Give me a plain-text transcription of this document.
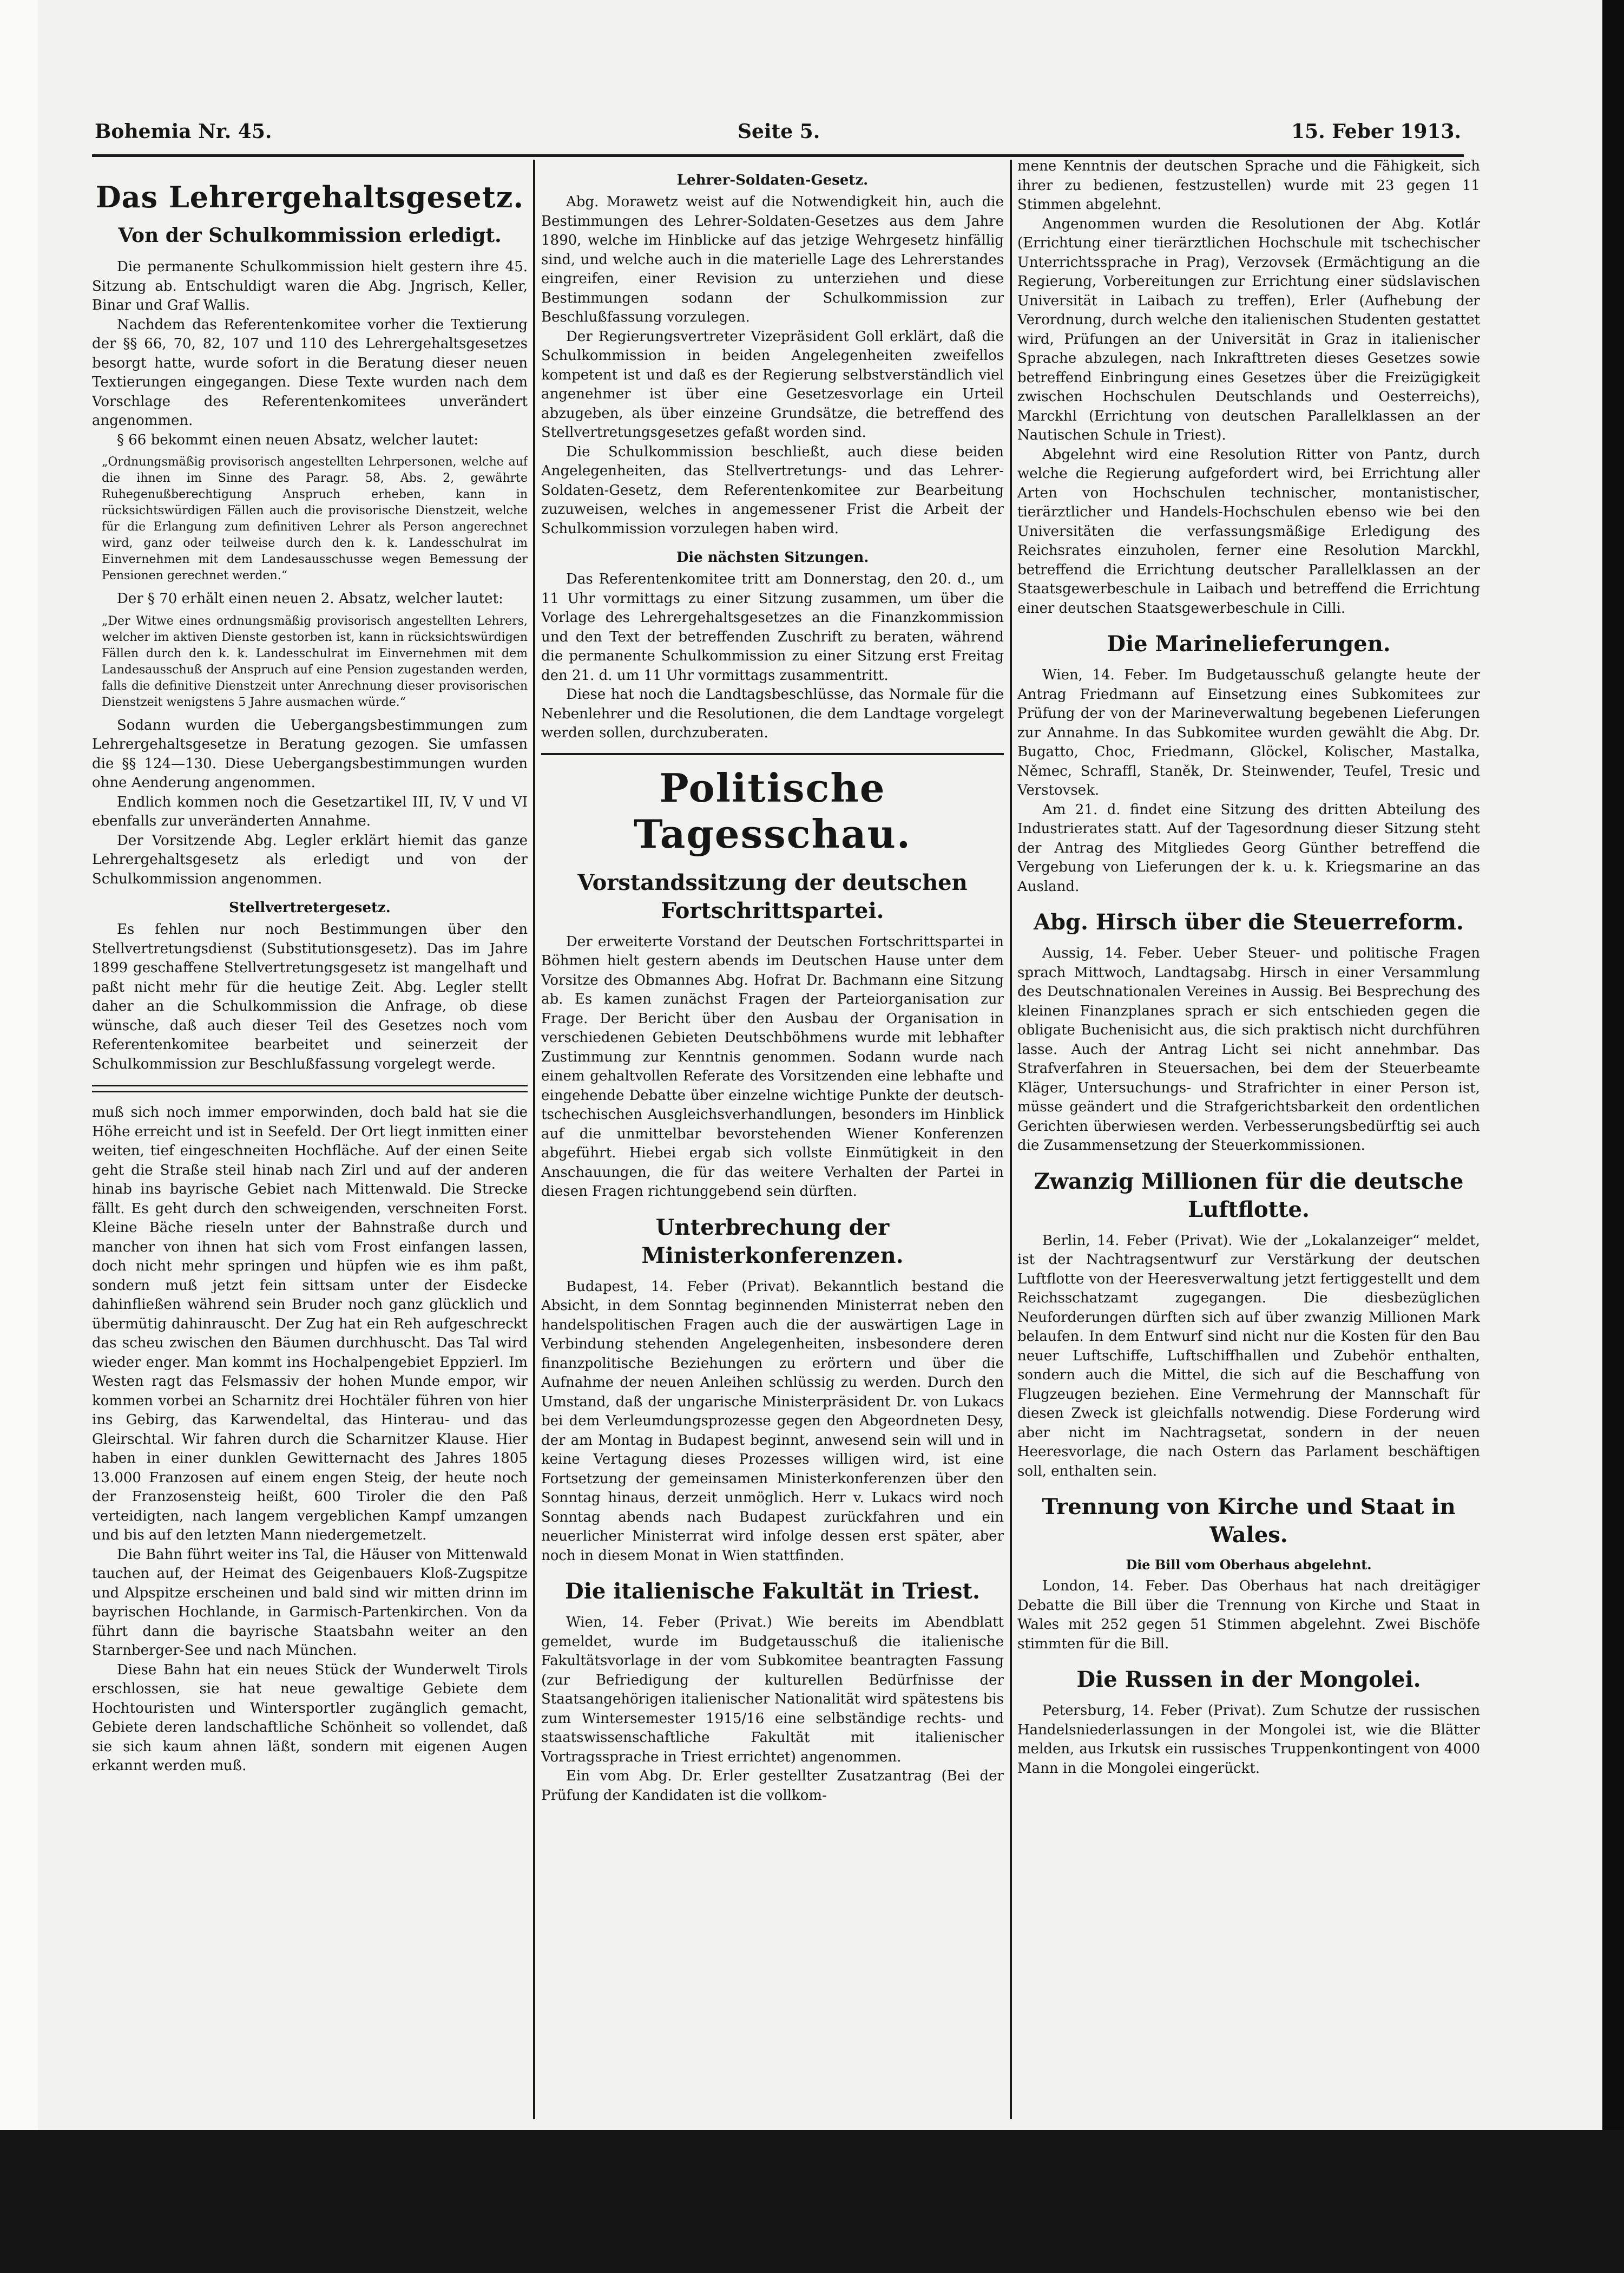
Bohemia Nr. 45.	Seite 5.	15. Feber 1913.
Das Lehrergehaltsgesetz.
Von der Schulkommission erledigt.

Die permanente Schulkommission hielt gestern ihre 45. Sitzung ab. Entschuldigt waren die Abg. Jngrisch, Keller, Binar und Graf Wallis.

Nachdem das Referentenkomitee vorher die Textierung der §§ 66, 70, 82, 107 und 110 des Lehrergehaltsgesetzes besorgt hatte, wurde sofort in die Beratung dieser neuen Textierungen eingegangen. Diese Texte wurden nach dem Vorschlage des Referentenkomitees unverändert angenommen.

§ 66 bekommt einen neuen Absatz, welcher lautet:

„Ordnungsmäßig provisorisch angestellten Lehrpersonen, welche auf die ihnen im Sinne des Paragr. 58, Abs. 2, gewährte Ruhegenußberechtigung Anspruch erheben, kann in rücksichtswürdigen Fällen auch die provisorische Dienstzeit, welche für die Erlangung zum definitiven Lehrer als Person angerechnet wird, ganz oder teilweise durch den k. k. Landesschulrat im Einvernehmen mit dem Landesausschusse wegen Bemessung der Pensionen gerechnet werden.“

Der § 70 erhält einen neuen 2. Absatz, welcher lautet:

„Der Witwe eines ordnungsmäßig provisorisch angestellten Lehrers, welcher im aktiven Dienste gestorben ist, kann in rücksichtswürdigen Fällen durch den k. k. Landesschulrat im Einvernehmen mit dem Landesausschuß der Anspruch auf eine Pension zugestanden werden, falls die definitive Dienstzeit unter Anrechnung dieser provisorischen Dienstzeit wenigstens 5 Jahre ausmachen würde.“

Sodann wurden die Uebergangsbestimmungen zum Lehrergehaltsgesetze in Beratung gezogen. Sie umfassen die §§ 124—130. Diese Uebergangsbestimmungen wurden ohne Aenderung angenommen.

Endlich kommen noch die Gesetzartikel III, IV, V und VI ebenfalls zur unveränderten Annahme.

Der Vorsitzende Abg. Legler erklärt hiemit das ganze Lehrergehaltsgesetz als erledigt und von der Schulkommission angenommen.

Stellvertretergesetz.

Es fehlen nur noch Bestimmungen über den Stellvertretungsdienst (Substitutionsgesetz). Das im Jahre 1899 geschaffene Stellvertretungsgesetz ist mangelhaft und paßt nicht mehr für die heutige Zeit. Abg. Legler stellt daher an die Schulkommission die Anfrage, ob diese wünsche, daß auch dieser Teil des Gesetzes noch vom Referentenkomitee bearbeitet und seinerzeit der Schulkommission zur Beschlußfassung vorgelegt werde.

muß sich noch immer emporwinden, doch bald hat sie die Höhe erreicht und ist in Seefeld. Der Ort liegt inmitten einer weiten, tief eingeschneiten Hochfläche. Auf der einen Seite geht die Straße steil hinab nach Zirl und auf der anderen hinab ins bayrische Gebiet nach Mittenwald. Die Strecke fällt. Es geht durch den schweigenden, verschneiten Forst. Kleine Bäche rieseln unter der Bahnstraße durch und mancher von ihnen hat sich vom Frost einfangen lassen, doch nicht mehr springen und hüpfen wie es ihm paßt, sondern muß jetzt fein sittsam unter der Eisdecke dahinfließen während sein Bruder noch ganz glücklich und übermütig dahinrauscht. Der Zug hat ein Reh aufgeschreckt das scheu zwischen den Bäumen durchhuscht. Das Tal wird wieder enger. Man kommt ins Hochalpengebiet Eppzierl. Im Westen ragt das Felsmassiv der hohen Munde empor, wir kommen vorbei an Scharnitz drei Hochtäler führen von hier ins Gebirg, das Karwendeltal, das Hinterau- und das Gleirschtal. Wir fahren durch die Scharnitzer Klause. Hier haben in einer dunklen Gewitternacht des Jahres 1805 13.000 Franzosen auf einem engen Steig, der heute noch der Franzosensteig heißt, 600 Tiroler die den Paß verteidigten, nach langem vergeblichen Kampf umzangen und bis auf den letzten Mann niedergemetzelt.

Die Bahn führt weiter ins Tal, die Häuser von Mittenwald tauchen auf, der Heimat des Geigenbauers Kloß-Zugspitze und Alpspitze erscheinen und bald sind wir mitten drinn im bayrischen Hochlande, in Garmisch-Partenkirchen. Von da führt dann die bayrische Staatsbahn weiter an den Starnberger-See und nach München.

Diese Bahn hat ein neues Stück der Wunderwelt Tirols erschlossen, sie hat neue gewaltige Gebiete dem Hochtouristen und Wintersportler zugänglich gemacht, Gebiete deren landschaftliche Schönheit so vollendet, daß sie sich kaum ahnen läßt, sondern mit eigenen Augen erkannt werden muß.

Lehrer-Soldaten-Gesetz.

Abg. Morawetz weist auf die Notwendigkeit hin, auch die Bestimmungen des Lehrer-Soldaten-Gesetzes aus dem Jahre 1890, welche im Hinblicke auf das jetzige Wehrgesetz hinfällig sind, und welche auch in die materielle Lage des Lehrerstandes eingreifen, einer Revision zu unterziehen und diese Bestimmungen sodann der Schulkommission zur Beschlußfassung vorzulegen.

Der Regierungsvertreter Vizepräsident Goll erklärt, daß die Schulkommission in beiden Angelegenheiten zweifellos kompetent ist und daß es der Regierung selbstverständlich viel angenehmer ist über eine Gesetzesvorlage ein Urteil abzugeben, als über einzeine Grundsätze, die betreffend des Stellvertretungsgesetzes gefaßt worden sind.

Die Schulkommission beschließt, auch diese beiden Angelegenheiten, das Stellvertretungs- und das Lehrer-Soldaten-Gesetz, dem Referentenkomitee zur Bearbeitung zuzuweisen, welches in angemessener Frist die Arbeit der Schulkommission vorzulegen haben wird.

Die nächsten Sitzungen.

Das Referentenkomitee tritt am Donnerstag, den 20. d., um 11 Uhr vormittags zu einer Sitzung zusammen, um über die Vorlage des Lehrergehaltsgesetzes an die Finanzkommission und den Text der betreffenden Zuschrift zu beraten, während die permanente Schulkommission zu einer Sitzung erst Freitag den 21. d. um 11 Uhr vormittags zusammentritt.

Diese hat noch die Landtagsbeschlüsse, das Normale für die Nebenlehrer und die Resolutionen, die dem Landtage vorgelegt werden sollen, durchzuberaten.

Politische Tagesschau.
Vorstandssitzung der deutschen Fortschrittspartei.

Der erweiterte Vorstand der Deutschen Fortschrittspartei in Böhmen hielt gestern abends im Deutschen Hause unter dem Vorsitze des Obmannes Abg. Hofrat Dr. Bachmann eine Sitzung ab. Es kamen zunächst Fragen der Parteiorganisation zur Frage. Der Bericht über den Ausbau der Organisation in verschiedenen Gebieten Deutschböhmens wurde mit lebhafter Zustimmung zur Kenntnis genommen. Sodann wurde nach einem gehaltvollen Referate des Vorsitzenden eine lebhafte und eingehende Debatte über einzelne wichtige Punkte der deutsch-tschechischen Ausgleichsverhandlungen, besonders im Hinblick auf die unmittelbar bevorstehenden Wiener Konferenzen abgeführt. Hiebei ergab sich vollste Einmütigkeit in den Anschauungen, die für das weitere Verhalten der Partei in diesen Fragen richtunggebend sein dürften.

Unterbrechung der Ministerkonferenzen.

Budapest, 14. Feber (Privat). Bekanntlich bestand die Absicht, in dem Sonntag beginnenden Ministerrat neben den handelspolitischen Fragen auch die der auswärtigen Lage in Verbindung stehenden Angelegenheiten, insbesondere deren finanzpolitische Beziehungen zu erörtern und über die Aufnahme der neuen Anleihen schlüssig zu werden. Durch den Umstand, daß der ungarische Ministerpräsident Dr. von Lukacs bei dem Verleumdungsprozesse gegen den Abgeordneten Desy, der am Montag in Budapest beginnt, anwesend sein will und in keine Vertagung dieses Prozesses willigen wird, ist eine Fortsetzung der gemeinsamen Ministerkonferenzen über den Sonntag hinaus, derzeit unmöglich. Herr v. Lukacs wird noch Sonntag abends nach Budapest zurückfahren und ein neuerlicher Ministerrat wird infolge dessen erst später, aber noch in diesem Monat in Wien stattfinden.

Die italienische Fakultät in Triest.

Wien, 14. Feber (Privat.) Wie bereits im Abendblatt gemeldet, wurde im Budgetausschuß die italienische Fakultätsvorlage in der vom Subkomitee beantragten Fassung (zur Befriedigung der kulturellen Bedürfnisse der Staatsangehörigen italienischer Nationalität wird spätestens bis zum Wintersemester 1915/16 eine selbständige rechts- und staatswissenschaftliche Fakultät mit italienischer Vortragssprache in Triest errichtet) angenommen.

Ein vom Abg. Dr. Erler gestellter Zusatzantrag (Bei der Prüfung der Kandidaten ist die vollkom-

mene Kenntnis der deutschen Sprache und die Fähigkeit, sich ihrer zu bedienen, festzustellen) wurde mit 23 gegen 11 Stimmen abgelehnt.

Angenommen wurden die Resolutionen der Abg. Kotlár (Errichtung einer tierärztlichen Hochschule mit tschechischer Unterrichtssprache in Prag), Verzovsek (Ermächtigung an die Regierung, Vorbereitungen zur Errichtung einer südslavischen Universität in Laibach zu treffen), Erler (Aufhebung der Verordnung, durch welche den italienischen Studenten gestattet wird, Prüfungen an der Universität in Graz in italienischer Sprache abzulegen, nach Inkrafttreten dieses Gesetzes sowie betreffend Einbringung eines Gesetzes über die Freizügigkeit zwischen Hochschulen Deutschlands und Oesterreichs), Marckhl (Errichtung von deutschen Parallelklassen an der Nautischen Schule in Triest).

Abgelehnt wird eine Resolution Ritter von Pantz, durch welche die Regierung aufgefordert wird, bei Errichtung aller Arten von Hochschulen technischer, montanistischer, tierärztlicher und Handels-Hochschulen ebenso wie bei den Universitäten die verfassungsmäßige Erledigung des Reichsrates einzuholen, ferner eine Resolution Marckhl, betreffend die Errichtung deutscher Parallelklassen an der Staatsgewerbeschule in Laibach und betreffend die Errichtung einer deutschen Staatsgewerbeschule in Cilli.

Die Marinelieferungen.

Wien, 14. Feber. Im Budgetausschuß gelangte heute der Antrag Friedmann auf Einsetzung eines Subkomitees zur Prüfung der von der Marineverwaltung begebenen Lieferungen zur Annahme. In das Subkomitee wurden gewählt die Abg. Dr. Bugatto, Choc, Friedmann, Glöckel, Kolischer, Mastalka, Němec, Schraffl, Staněk, Dr. Steinwender, Teufel, Tresic und Verstovsek.

Am 21. d. findet eine Sitzung des dritten Abteilung des Industrierates statt. Auf der Tagesordnung dieser Sitzung steht der Antrag des Mitgliedes Georg Günther betreffend die Vergebung von Lieferungen der k. u. k. Kriegsmarine an das Ausland.

Abg. Hirsch über die Steuerreform.

Aussig, 14. Feber. Ueber Steuer- und politische Fragen sprach Mittwoch, Landtagsabg. Hirsch in einer Versammlung des Deutschnationalen Vereines in Aussig. Bei Besprechung des kleinen Finanzplanes sprach er sich entschieden gegen die obligate Buchenisicht aus, die sich praktisch nicht durchführen lasse. Auch der Antrag Licht sei nicht annehmbar. Das Strafverfahren in Steuersachen, bei dem der Steuerbeamte Kläger, Untersuchungs- und Strafrichter in einer Person ist, müsse geändert und die Strafgerichtsbarkeit den ordentlichen Gerichten überwiesen werden. Verbesserungsbedürftig sei auch die Zusammensetzung der Steuerkommissionen.

Zwanzig Millionen für die deutsche Luftflotte.

Berlin, 14. Feber (Privat). Wie der „Lokalanzeiger“ meldet, ist der Nachtragsentwurf zur Verstärkung der deutschen Luftflotte von der Heeresverwaltung jetzt fertiggestellt und dem Reichsschatzamt zugegangen. Die diesbezüglichen Neuforderungen dürften sich auf über zwanzig Millionen Mark belaufen. In dem Entwurf sind nicht nur die Kosten für den Bau neuer Luftschiffe, Luftschiffhallen und Zubehör enthalten, sondern auch die Mittel, die sich auf die Beschaffung von Flugzeugen beziehen. Eine Vermehrung der Mannschaft für diesen Zweck ist gleichfalls notwendig. Diese Forderung wird aber nicht im Nachtragsetat, sondern in der neuen Heeresvorlage, die nach Ostern das Parlament beschäftigen soll, enthalten sein.

Trennung von Kirche und Staat in Wales.
Die Bill vom Oberhaus abgelehnt.

London, 14. Feber. Das Oberhaus hat nach dreitägiger Debatte die Bill über die Trennung von Kirche und Staat in Wales mit 252 gegen 51 Stimmen abgelehnt. Zwei Bischöfe stimmten für die Bill.

Die Russen in der Mongolei.

Petersburg, 14. Feber (Privat). Zum Schutze der russischen Handelsniederlassungen in der Mongolei ist, wie die Blätter melden, aus Irkutsk ein russisches Truppenkontingent von 4000 Mann in die Mongolei eingerückt.
